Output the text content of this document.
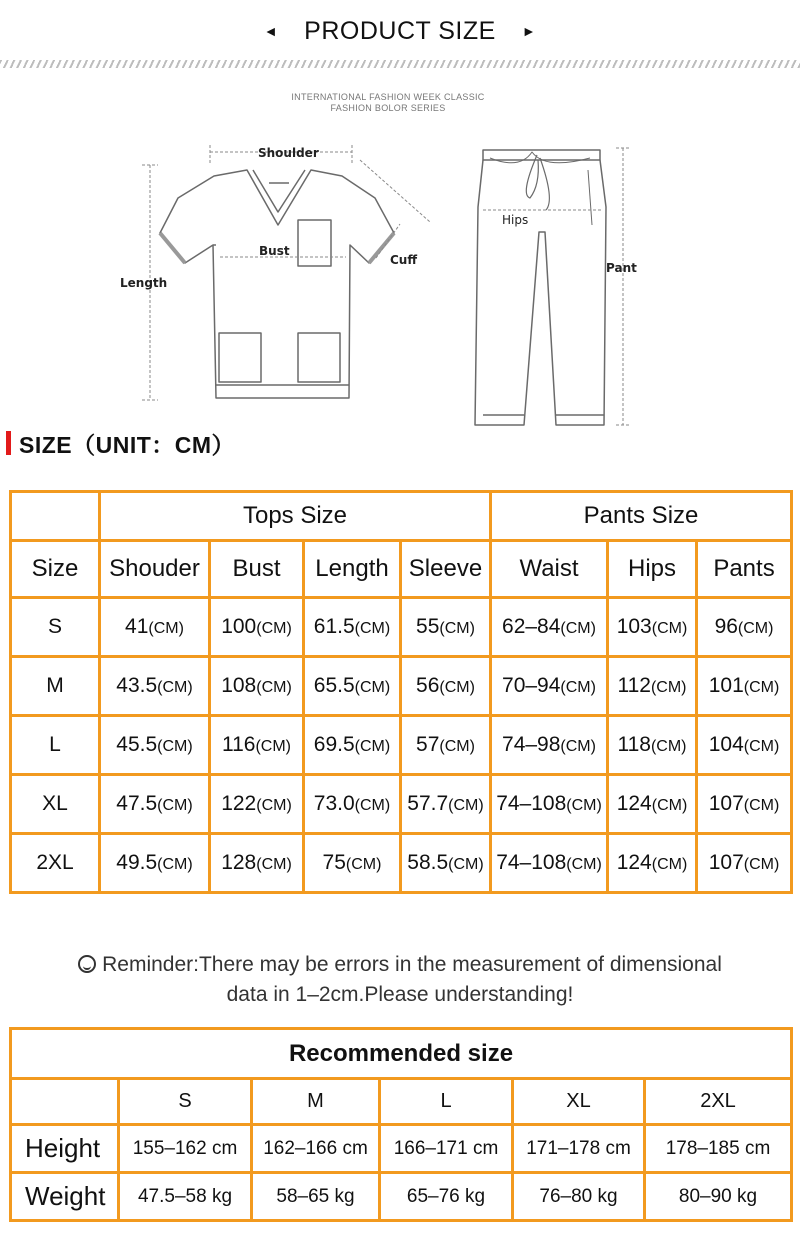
◄ PRODUCT SIZE ►
INTERNATIONAL FASHION WEEK CLASSIC
FASHION BOLOR SERIES
Shoulder
Bust
Cuff
Length
Hips
Pant
SIZE（UNIT：CM）
	Tops Size				Pants Size		
Size	Shouder	Bust	Length	Sleeve	Waist	Hips	Pants
S	41(CM)	100(CM)	61.5(CM)	55(CM)	62–84(CM)	103(CM)	96(CM)
M	43.5(CM)	108(CM)	65.5(CM)	56(CM)	70–94(CM)	112(CM)	101(CM)
L	45.5(CM)	116(CM)	69.5(CM)	57(CM)	74–98(CM)	118(CM)	104(CM)
XL	47.5(CM)	122(CM)	73.0(CM)	57.7(CM)	74–108(CM)	124(CM)	107(CM)
2XL	49.5(CM)	128(CM)	75(CM)	58.5(CM)	74–108(CM)	124(CM)	107(CM)
Reminder:There may be errors in the measurement of dimensional
data in 1–2cm.Please understanding!
Recommended size					
	S	M	L	XL	2XL
Height	155–162 cm	162–166 cm	166–171 cm	171–178 cm	178–185 cm
Weight	47.5–58 kg	58–65 kg	65–76 kg	76–80 kg	80–90 kg
